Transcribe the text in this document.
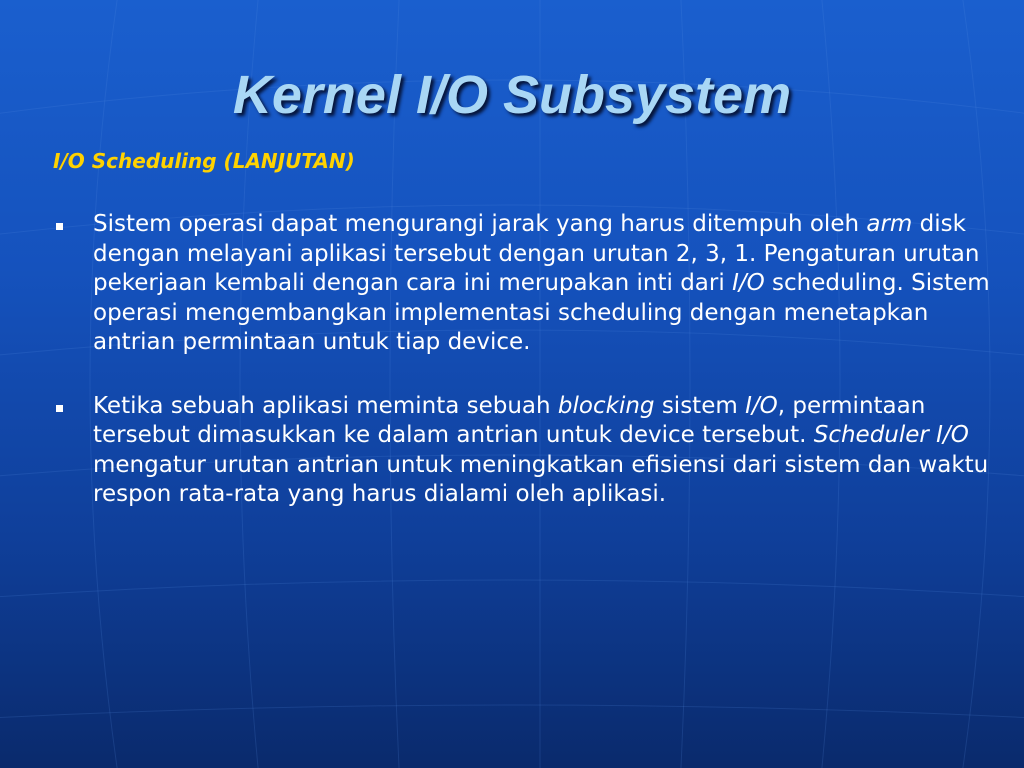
Kernel I/O Subsystem

I/O Scheduling (LANJUTAN)

Sistem operasi dapat mengurangi jarak yang harus ditempuh oleh arm disk dengan melayani aplikasi tersebut dengan urutan 2, 3, 1. Pengaturan urutan pekerjaan kembali dengan cara ini merupakan inti dari I/O scheduling. Sistem operasi mengembangkan implementasi scheduling dengan menetapkan antrian permintaan untuk tiap device.
Ketika sebuah aplikasi meminta sebuah blocking sistem I/O, permintaan tersebut dimasukkan ke dalam antrian untuk device tersebut. Scheduler I/O mengatur urutan antrian untuk meningkatkan efisiensi dari sistem dan waktu respon rata-rata yang harus dialami oleh aplikasi.
